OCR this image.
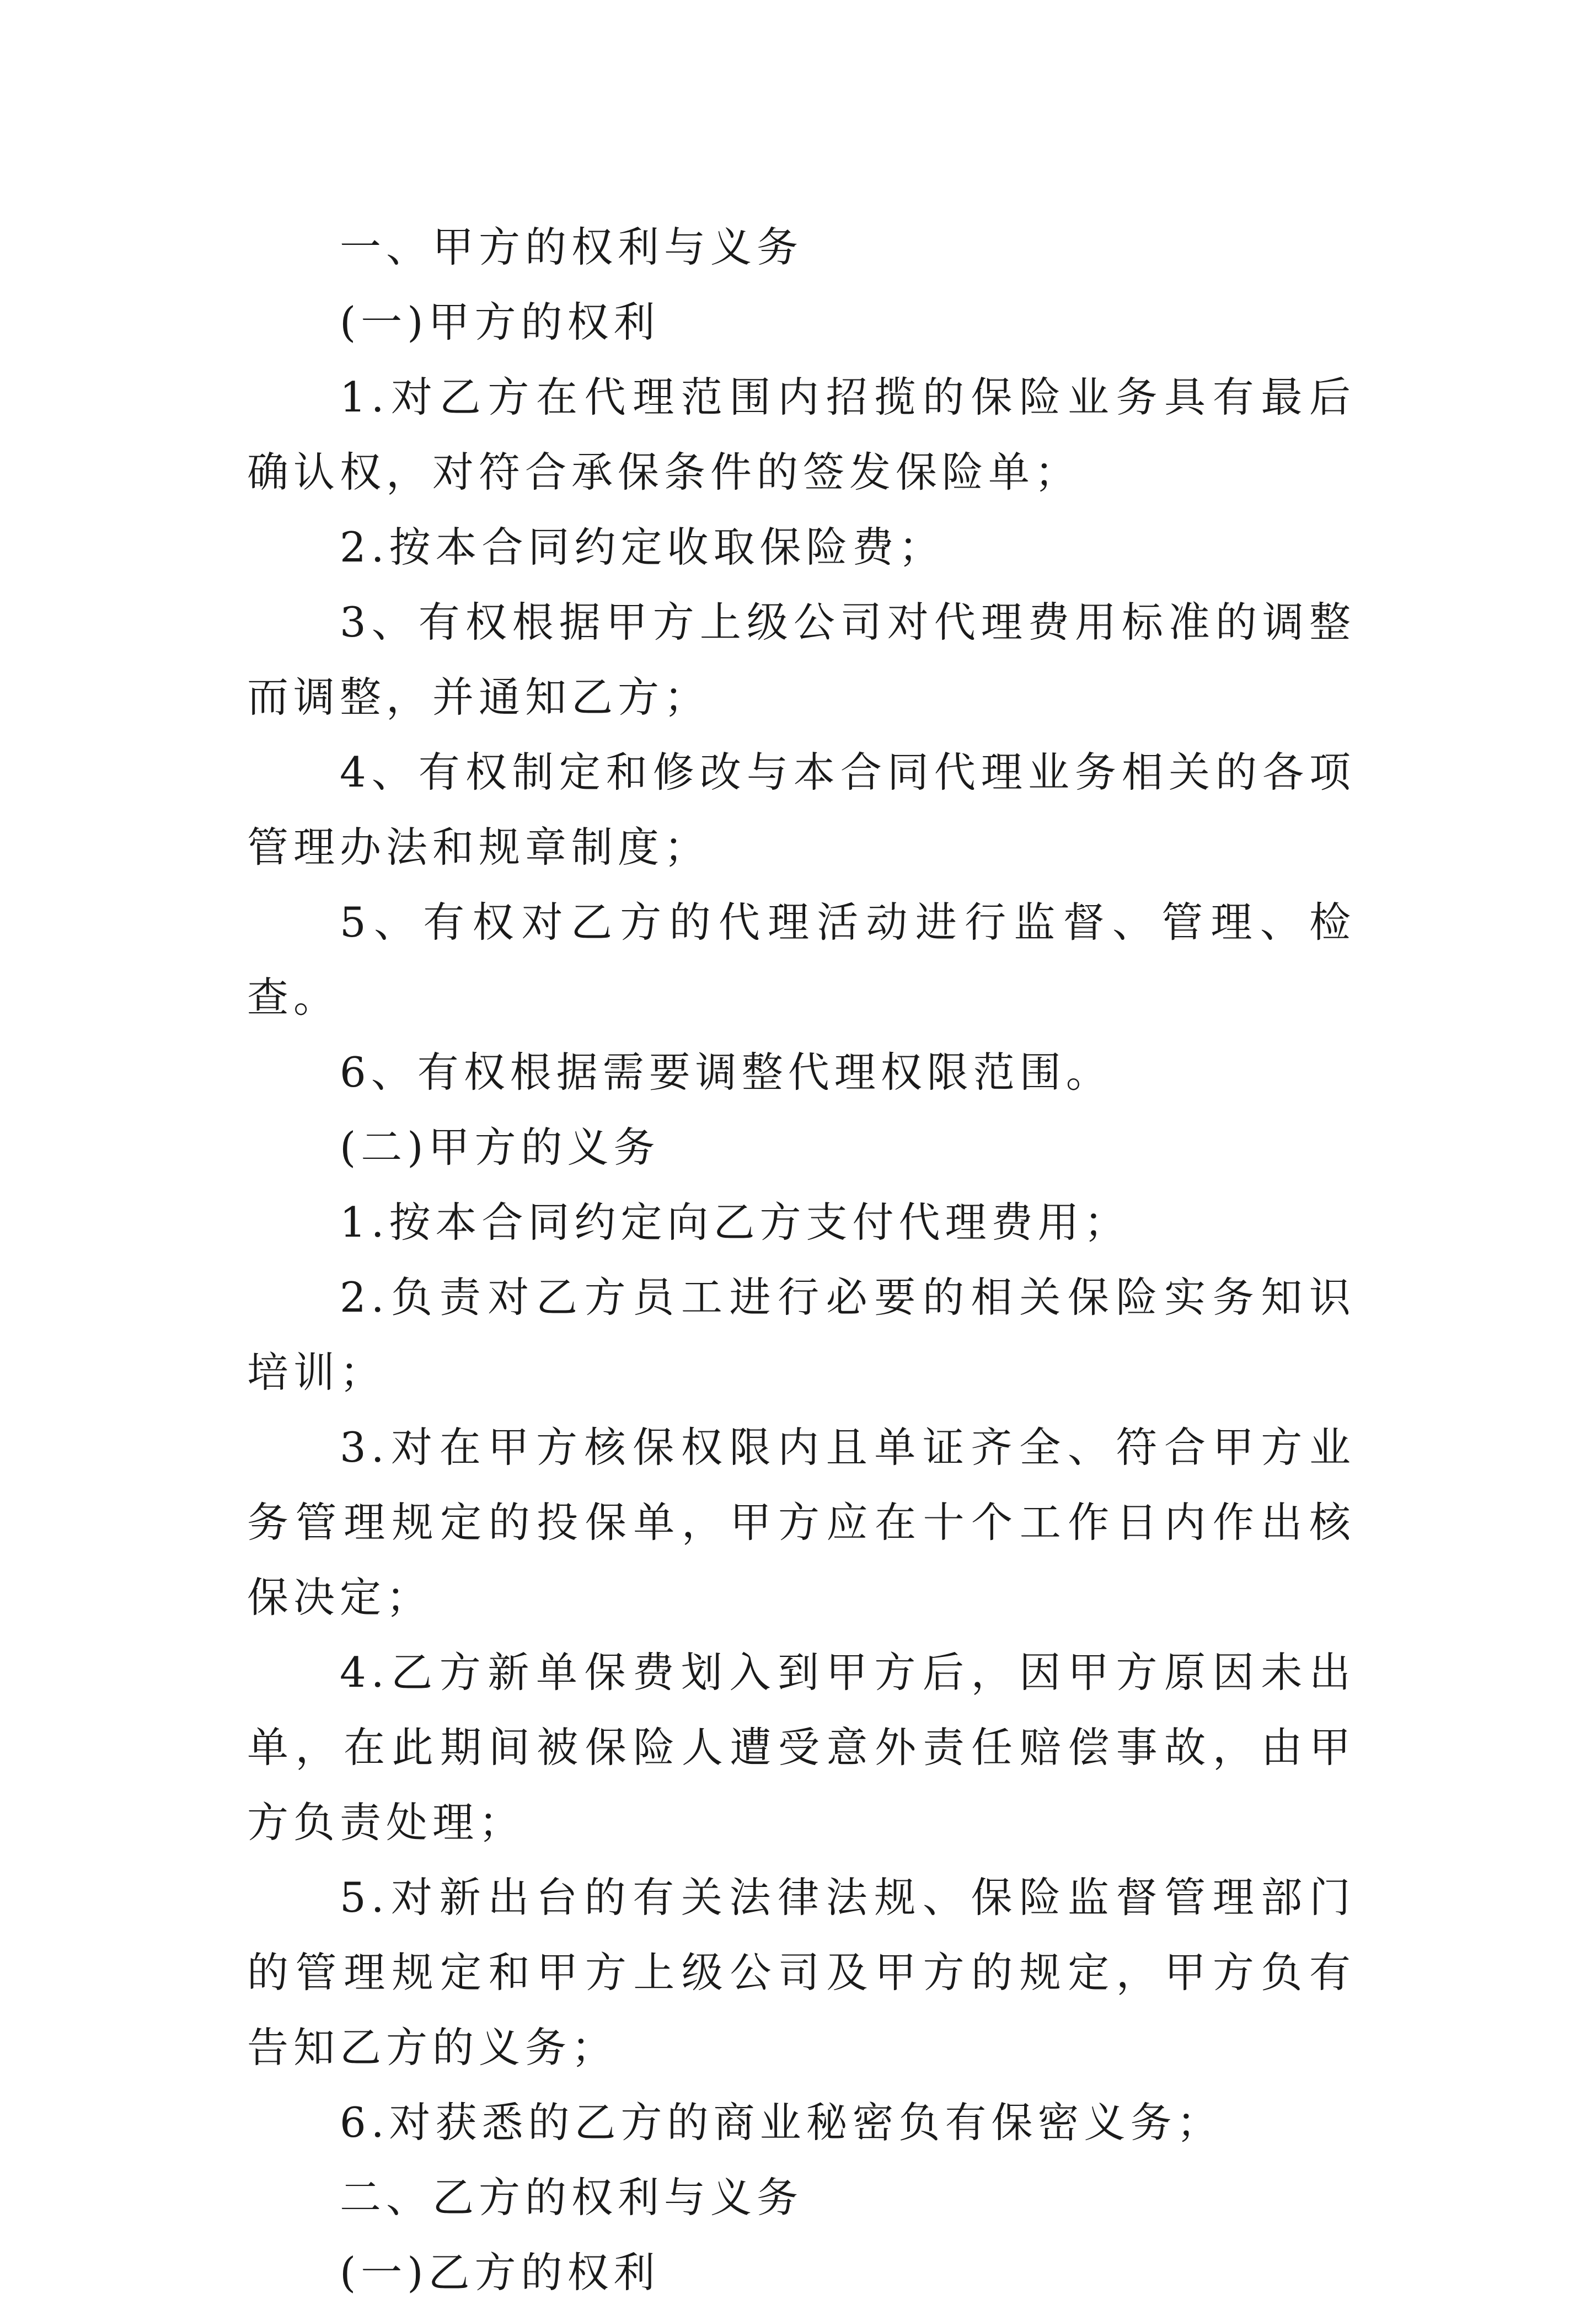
一、甲方的权利与义务

(一)甲方的权利

1.对乙方在代理范围内招揽的保险业务具有最后确认权，对符合承保条件的签发保险单；

2.按本合同约定收取保险费；

3、有权根据甲方上级公司对代理费用标准的调整而调整，并通知乙方；

4、有权制定和修改与本合同代理业务相关的各项管理办法和规章制度；

5、有权对乙方的代理活动进行监督、管理、检查。

6、有权根据需要调整代理权限范围。

(二)甲方的义务

1.按本合同约定向乙方支付代理费用；

2.负责对乙方员工进行必要的相关保险实务知识培训；

3.对在甲方核保权限内且单证齐全、符合甲方业务管理规定的投保单，甲方应在十个工作日内作出核保决定；

4.乙方新单保费划入到甲方后，因甲方原因未出单，在此期间被保险人遭受意外责任赔偿事故，由甲方负责处理；

5.对新出台的有关法律法规、保险监督管理部门的管理规定和甲方上级公司及甲方的规定，甲方负有告知乙方的义务；

6.对获悉的乙方的商业秘密负有保密义务；

二、乙方的权利与义务

(一)乙方的权利
